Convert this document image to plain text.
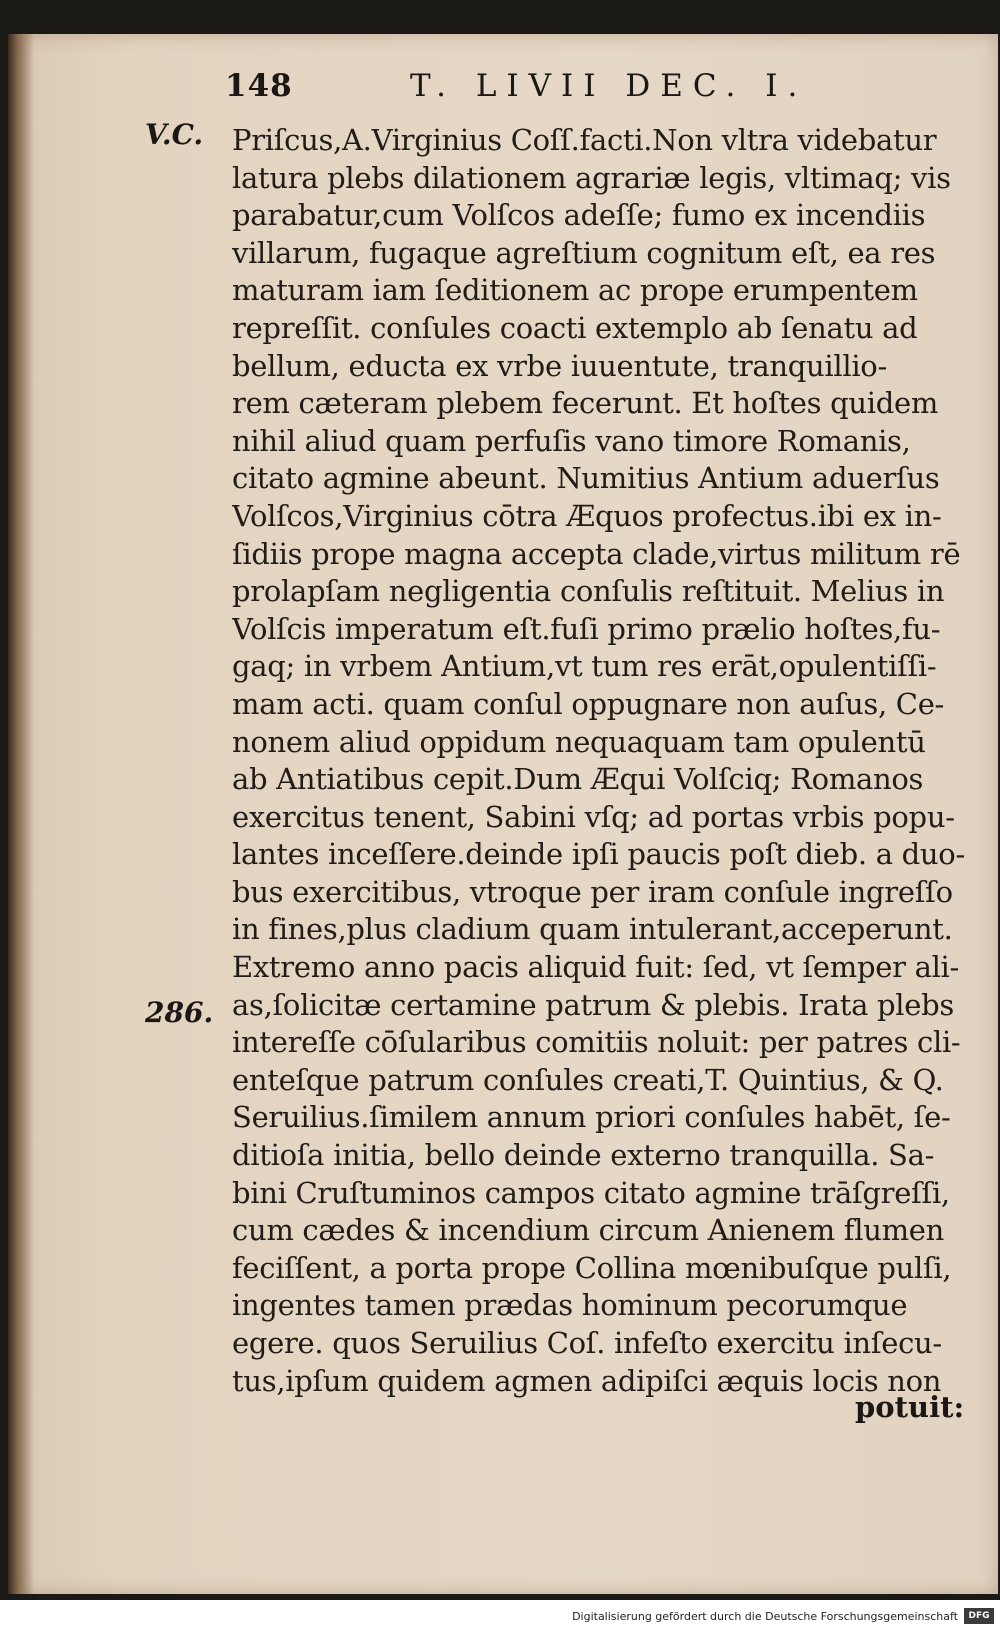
148	T. LIVII DEC. I.
V.C.
286.
Priſcus,A.Virginius Coſſ.facti.Non vltra videbatur
latura plebs dilationem agrariæ legis, vltimaq; vis
parabatur,cum Volſcos adeſſe; fumo ex incendiis
villarum, fugaque agreſtium cognitum eſt, ea res
maturam iam ſeditionem ac prope erumpentem
repreſſit. conſules coacti extemplo ab ſenatu ad
bellum, educta ex vrbe iuuentute, tranquillio-
rem cæteram plebem fecerunt. Et hoſtes quidem
nihil aliud quam perfuſis vano timore Romanis,
citato agmine abeunt. Numitius Antium aduerſus
Volſcos,Virginius cōtra Æquos profectus.ibi ex in-
ſidiis prope magna accepta clade,virtus militum rē
prolapſam negligentia conſulis reſtituit. Melius in
Volſcis imperatum eſt.fuſi primo prælio hoſtes,fu-
gaq; in vrbem Antium,vt tum res erāt,opulentiſſi-
mam acti. quam conſul oppugnare non auſus, Ce-
nonem aliud oppidum nequaquam tam opulentū
ab Antiatibus cepit.Dum Æqui Volſciq; Romanos
exercitus tenent, Sabini vſq; ad portas vrbis popu-
lantes inceſſere.deinde ipſi paucis poſt dieb. a duo-
bus exercitibus, vtroque per iram conſule ingreſſo
in fines,plus cladium quam intulerant,acceperunt.
Extremo anno pacis aliquid fuit: ſed, vt ſemper ali-
as,ſolicitæ certamine patrum & plebis. Irata plebs
intereſſe cōſularibus comitiis noluit: per patres cli-
enteſque patrum conſules creati,T. Quintius, & Q.
Seruilius.ſimilem annum priori conſules habēt, ſe-
ditioſa initia, bello deinde externo tranquilla. Sa-
bini Cruſtuminos campos citato agmine trāſgreſſi,
cum cædes & incendium circum Anienem flumen
feciſſent, a porta prope Collina mœnibuſque pulſi,
ingentes tamen prædas hominum pecorumque
egere. quos Seruilius Coſ. infeſto exercitu inſecu-
tus,ipſum quidem agmen adipiſci æquis locis non
potuit:
Digitalisierung gefördert durch die Deutsche Forschungsgemeinschaft	DFG
